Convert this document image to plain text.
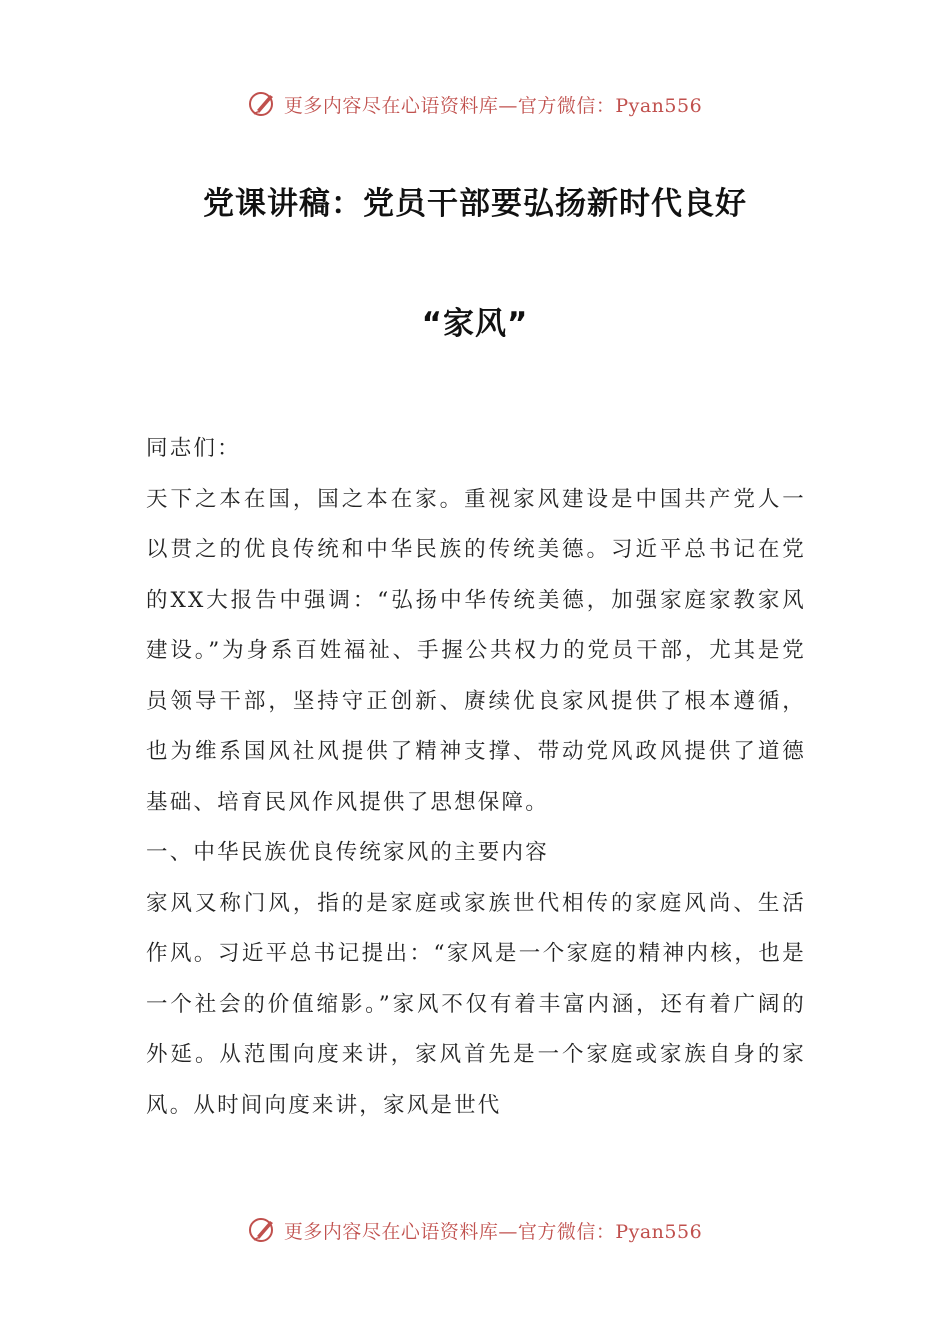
更多内容尽在心语资料库—官方微信：Pyan556
党课讲稿：党员干部要弘扬新时代良好
“家风”

同志们：

天下之本在国，国之本在家。重视家风建设是中国共产党人一以贯之的优良传统和中华民族的传统美德。习近平总书记在党的XX大报告中强调：“弘扬中华传统美德，加强家庭家教家风建设。”为身系百姓福祉、手握公共权力的党员干部，尤其是党员领导干部，坚持守正创新、赓续优良家风提供了根本遵循，也为维系国风社风提供了精神支撑、带动党风政风提供了道德基础、培育民风作风提供了思想保障。

一、中华民族优良传统家风的主要内容

家风又称门风，指的是家庭或家族世代相传的家庭风尚、生活作风。习近平总书记提出：“家风是一个家庭的精神内核，也是一个社会的价值缩影。”家风不仅有着丰富内涵，还有着广阔的外延。从范围向度来讲，家风首先是一个家庭或家族自身的家风。从时间向度来讲，家风是世代

更多内容尽在心语资料库—官方微信：Pyan556
